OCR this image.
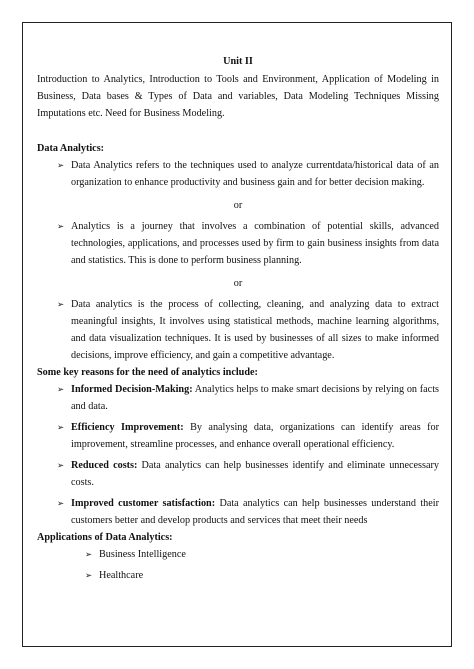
Unit II

Introduction to Analytics, Introduction to Tools and Environment, Application of Modeling in Business, Data bases & Types of Data and variables, Data Modeling Techniques Missing Imputations etc. Need for Business Modeling.

Data Analytics:

➢ Data Analytics refers to the techniques used to analyze currentdata/historical data of an organization to enhance productivity and business gain and for better decision making.

or

➢ Analytics is a journey that involves a combination of potential skills, advanced technologies, applications, and processes used by firm to gain business insights from data and statistics. This is done to perform business planning.

or

➢ Data analytics is the process of collecting, cleaning, and analyzing data to extract meaningful insights, It involves using statistical methods, machine learning algorithms, and data visualization techniques. It is used by businesses of all sizes to make informed decisions, improve efficiency, and gain a competitive advantage.

Some key reasons for the need of analytics include:

➢ Informed Decision-Making: Analytics helps to make smart decisions by relying on facts and data.

➢ Efficiency Improvement: By analysing data, organizations can identify areas for improvement, streamline processes, and enhance overall operational efficiency.

➢ Reduced costs: Data analytics can help businesses identify and eliminate unnecessary costs.

➢ Improved customer satisfaction: Data analytics can help businesses understand their customers better and develop products and services that meet their needs

Applications of Data Analytics:

➢ Business Intelligence

➢ Healthcare
